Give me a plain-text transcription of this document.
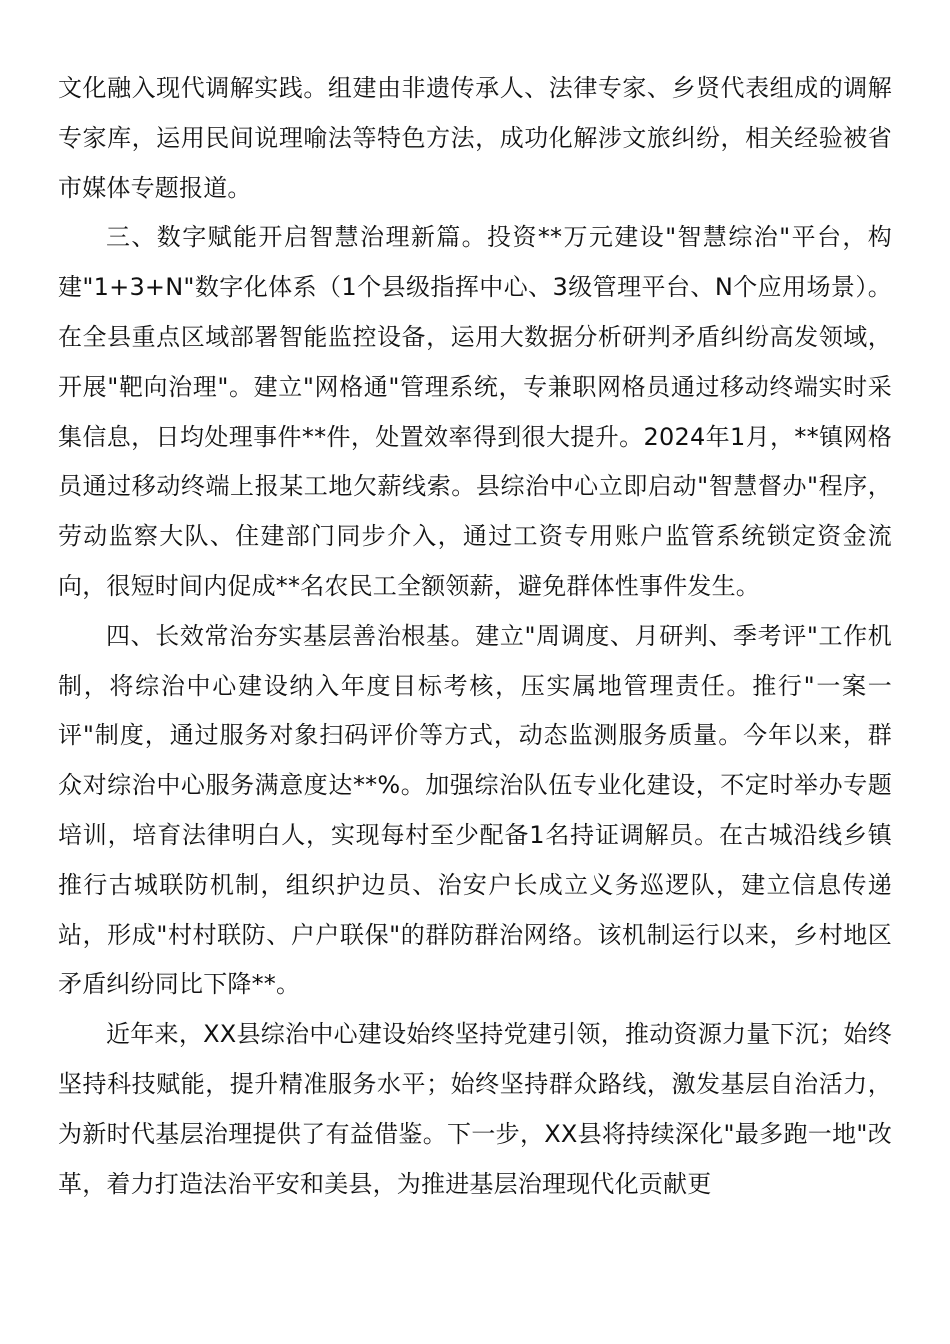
文化融入现代调解实践。组建由非遗传承人、法律专家、乡贤代表组成的调解专家库，运用民间说理喻法等特色方法，成功化解涉文旅纠纷，相关经验被省市媒体专题报道。

三、数字赋能开启智慧治理新篇。投资**万元建设"智慧综治"平台，构建"1+3+N"数字化体系（1个县级指挥中心、3级管理平台、N个应用场景）。在全县重点区域部署智能监控设备，运用大数据分析研判矛盾纠纷高发领域，开展"靶向治理"。建立"网格通"管理系统，专兼职网格员通过移动终端实时采集信息，日均处理事件**件，处置效率得到很大提升。2024年1月，**镇网格员通过移动终端上报某工地欠薪线索。县综治中心立即启动"智慧督办"程序，劳动监察大队、住建部门同步介入，通过工资专用账户监管系统锁定资金流向，很短时间内促成**名农民工全额领薪，避免群体性事件发生。

四、长效常治夯实基层善治根基。建立"周调度、月研判、季考评"工作机制，将综治中心建设纳入年度目标考核，压实属地管理责任。推行"一案一评"制度，通过服务对象扫码评价等方式，动态监测服务质量。今年以来，群众对综治中心服务满意度达**%。加强综治队伍专业化建设，不定时举办专题培训，培育法律明白人，实现每村至少配备1名持证调解员。在古城沿线乡镇推行古城联防机制，组织护边员、治安户长成立义务巡逻队，建立信息传递站，形成"村村联防、户户联保"的群防群治网络。该机制运行以来，乡村地区矛盾纠纷同比下降**。

近年来，XX县综治中心建设始终坚持党建引领，推动资源力量下沉；始终坚持科技赋能，提升精准服务水平；始终坚持群众路线，激发基层自治活力，为新时代基层治理提供了有益借鉴。下一步，XX县将持续深化"最多跑一地"改革，着力打造法治平安和美县，为推进基层治理现代化贡献更
